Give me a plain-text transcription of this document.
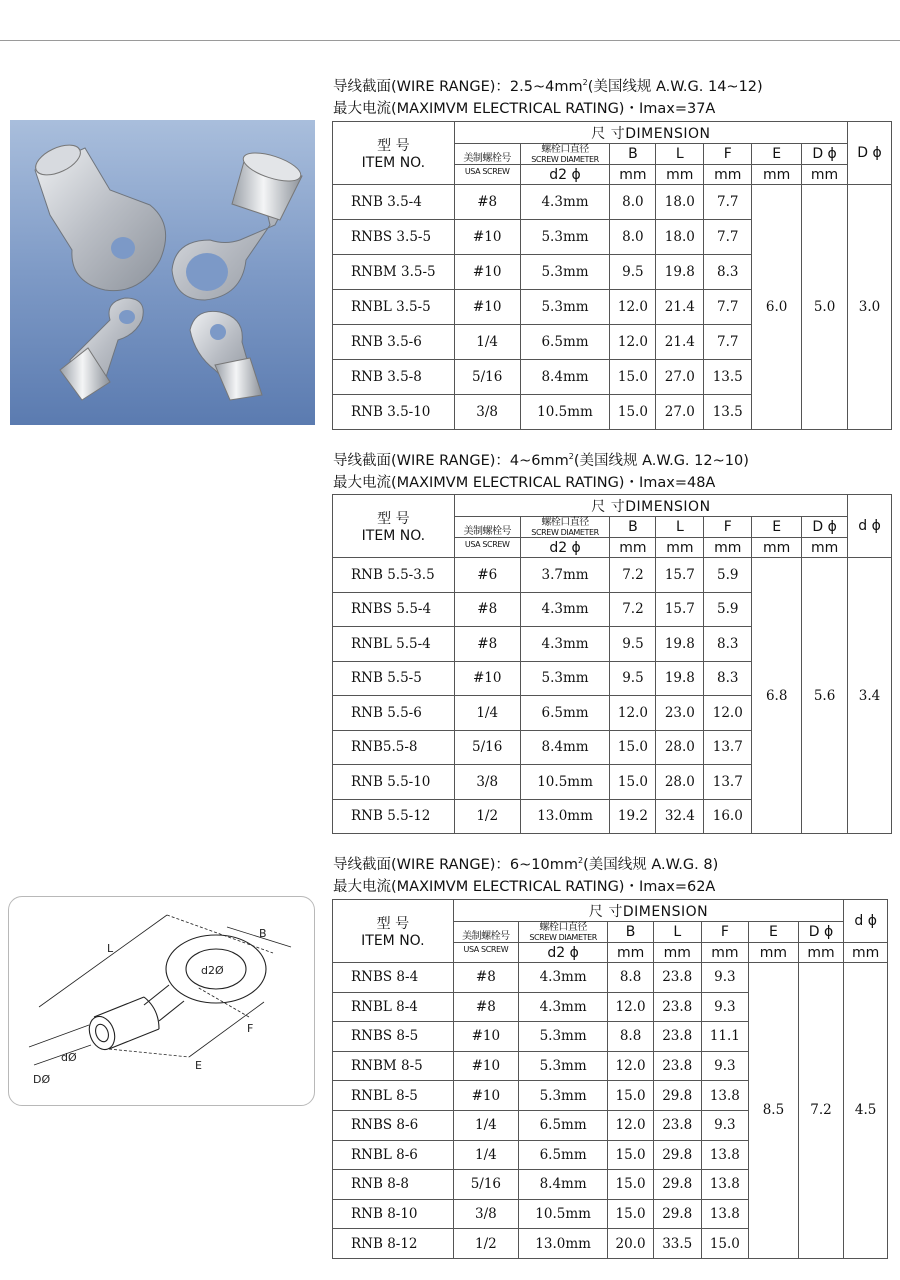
导线截面(WIRE RANGE)：$2.5\sim 4mm^2$(美国线规 A.W.G. 14~12)
最大电流(MAXIMVM ELECTRICAL RATING)・Imax=37A
导线截面(WIRE RANGE)：$4\sim 6mm^2$(美国线规 A.W.G. 12~10)
最大电流(MAXIMVM ELECTRICAL RATING)・Imax=48A
导线截面(WIRE RANGE)：$6\sim 10mm^2$(美国线规 A.W.G. 8)
最大电流(MAXIMVM ELECTRICAL RATING)・Imax=62A
型 号
ITEM NO.	尺 寸DIMENSION							D ϕ

	美制螺栓号
USA SCREW	螺栓口直径
SCREW DIAMETER	B	L	F	E	D ϕ	
		d2 ϕ	mm	mm	mm	mm	mm	
RNB 3.5-4	#8	4.3mm	8.0	18.0	7.7	6.0	5.0	3.0
RNBS 3.5-5	#10	5.3mm	8.0	18.0	7.7			
RNBM 3.5-5	#10	5.3mm	9.5	19.8	8.3			
RNBL 3.5-5	#10	5.3mm	12.0	21.4	7.7			
RNB 3.5-6	1/4	6.5mm	12.0	21.4	7.7			
RNB 3.5-8	5/16	8.4mm	15.0	27.0	13.5			
RNB 3.5-10	3/8	10.5mm	15.0	27.0	13.5			
型 号
ITEM NO.	尺 寸DIMENSION							d ϕ

	美制螺栓号
USA SCREW	螺栓口直径
SCREW DIAMETER	B	L	F	E	D ϕ	
		d2 ϕ	mm	mm	mm	mm	mm	
RNB 5.5-3.5	#6	3.7mm	7.2	15.7	5.9	6.8	5.6	3.4
RNBS 5.5-4	#8	4.3mm	7.2	15.7	5.9			
RNBL 5.5-4	#8	4.3mm	9.5	19.8	8.3			
RNB 5.5-5	#10	5.3mm	9.5	19.8	8.3			
RNB 5.5-6	1/4	6.5mm	12.0	23.0	12.0			
RNB5.5-8	5/16	8.4mm	15.0	28.0	13.7			
RNB 5.5-10	3/8	10.5mm	15.0	28.0	13.7			
RNB 5.5-12	1/2	13.0mm	19.2	32.4	16.0			
型 号
ITEM NO.	尺 寸DIMENSION							d ϕ

	美制螺栓号
USA SCREW	螺栓口直径
SCREW DIAMETER	B	L	F	E	D ϕ	
		d2 ϕ	mm	mm	mm	mm	mm	mm
RNBS 8-4	#8	4.3mm	8.8	23.8	9.3	8.5	7.2	4.5
RNBL 8-4	#8	4.3mm	12.0	23.8	9.3			
RNBS 8-5	#10	5.3mm	8.8	23.8	11.1			
RNBM 8-5	#10	5.3mm	12.0	23.8	9.3			
RNBL 8-5	#10	5.3mm	15.0	29.8	13.8			
RNBS 8-6	1/4	6.5mm	12.0	23.8	9.3			
RNBL 8-6	1/4	6.5mm	15.0	29.8	13.8			
RNB 8-8	5/16	8.4mm	15.0	29.8	13.8			
RNB 8-10	3/8	10.5mm	15.0	29.8	13.8			
RNB 8-12	1/2	13.0mm	20.0	33.5	15.0			
L
B
d2Ø
F
E
dØ
DØ
